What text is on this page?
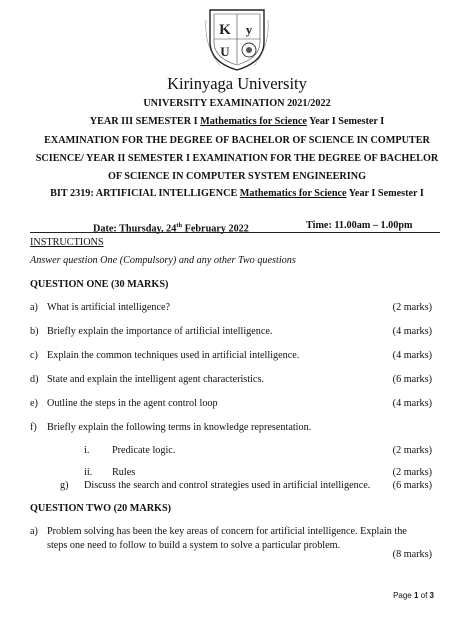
K y
U
Kirinyaga University
UNIVERSITY EXAMINATION 2021/2022
YEAR III SEMESTER I Mathematics for Science Year I Semester I
EXAMINATION FOR THE DEGREE OF BACHELOR OF SCIENCE IN COMPUTER
SCIENCE/ YEAR II SEMESTER I EXAMINATION FOR THE DEGREE OF BACHELOR
OF SCIENCE IN COMPUTER SYSTEM ENGINEERING
BIT 2319: ARTIFICIAL INTELLIGENCE Mathematics for Science Year I Semester I
Date: Thursday, 24th February 2022	Time: 11.00am – 1.00pm
INSTRUCTIONS
Answer question One (Compulsory) and any other Two questions
QUESTION ONE (30 MARKS)
a) What is artificial intelligence?	(2 marks)
b) Briefly explain the importance of artificial intelligence.	(4 marks)
c) Explain the common techniques used in artificial intelligence.	(4 marks)
d) State and explain the intelligent agent characteristics.	(6 marks)
e) Outline the steps in the agent control loop	(4 marks)
f) Briefly explain the following terms in knowledge representation.
i. Predicate logic.	(2 marks)
ii. Rules	(2 marks)
g) Discuss the search and control strategies used in artificial intelligence. (6 marks)
QUESTION TWO (20 MARKS)
a) Problem solving has been the key areas of concern for artificial intelligence. Explain the
steps one need to follow to build a system to solve a particular problem.
(8 marks)
Page 1 of 3
